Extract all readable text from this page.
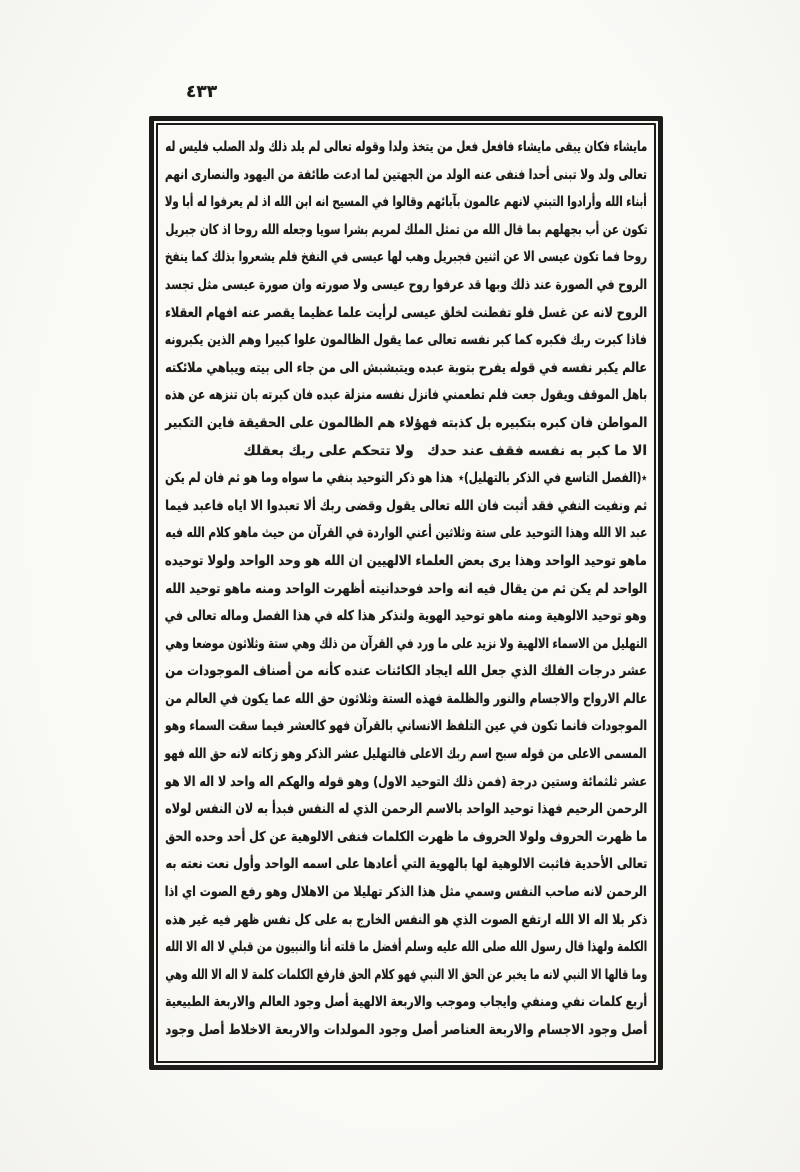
٤٣٣
مايشاء فكان يبقى مايشاء فافعل فعل من يتخذ ولدا وقوله تعالى لم يلد ذلك ولد الصلب فليس له
تعالى ولد ولا تبنى أحدا فنفى عنه الولد من الجهتين لما ادعت طائفة من اليهود والنصارى انهم
أبناء الله وأرادوا التبني لانهم عالمون بآبائهم وقالوا في المسيح انه ابن الله اذ لم يعرفوا له أبا ولا
تكون عن أب بجهلهم بما قال الله من تمثل الملك لمريم بشرا سويا وجعله الله روحا اذ كان جبريل
روحا فما تكون عيسى الا عن اثنين فجبريل وهب لها عيسى في النفخ فلم يشعروا بذلك كما ينفخ
الروح في الصورة عند ذلك وبها قد عرفوا روح عيسى ولا صورته وان صورة عيسى مثل تجسد
الروح لانه عن غسل فلو تفطنت لخلق عيسى لرأيت علما عظيما يقصر عنه افهام العقلاء
فاذا كبرت ربك فكبره كما كبر نفسه تعالى عما يقول الظالمون علوا كبيرا وهم الذين يكبرونه
عالم يكبر نفسه في قوله يفرح بتوبة عبده ويتبشبش الى من جاء الى بيته ويباهي ملائكته
باهل الموقف ويقول جعت فلم تطعمني فانزل نفسه منزلة عبده فان كبرته بان تنزهه عن هذه
المواطن فان كبره بتكبيره بل كذبته فهؤلاء هم الظالمون على الحقيقة فاين التكبير
الا ما كبر به نفسه فقف عند حدك ولا تتحكم على ربك بعقلك
٭(الفصل التاسع في الذكر بالتهليل)٭ هذا هو ذكر التوحيد بنفي ما سواه وما هو ثم فان لم يكن
ثم ونفيت النفي فقد أثبت فان الله تعالى يقول وقضى ربك ألا تعبدوا الا اياه فاعبد فيما
عبد الا الله وهذا التوحيد على ستة وثلاثين أعني الواردة في القرآن من حيث ماهو كلام الله فيه
ماهو توحيد الواحد وهذا يرى بعض العلماء الالهيين ان الله هو وحد الواحد ولولا توحيده
الواحد لم يكن ثم من يقال فيه انه واحد فوحدانيته أظهرت الواحد ومنه ماهو توحيد الله
وهو توحيد الالوهية ومنه ماهو توحيد الهوية ولنذكر هذا كله في هذا الفصل وماله تعالى في
التهليل من الاسماء الالهية ولا نزيد على ما ورد في القرآن من ذلك وهي ستة وثلاثون موضعا وهي
عشر درجات الفلك الذي جعل الله ايجاد الكائنات عنده كأنه من أصناف الموجودات من
عالم الارواح والاجسام والنور والظلمة فهذه الستة وثلاثون حق الله عما يكون في العالم من
الموجودات فانما تكون في عين التلفظ الانساني بالقرآن فهو كالعشر فيما سقت السماء وهو
المسمى الاعلى من قوله سبح اسم ربك الاعلى فالتهليل عشر الذكر وهو زكاته لانه حق الله فهو
عشر ثلثمائة وستين درجة (فمن ذلك التوحيد الاول) وهو قوله والهكم اله واحد لا اله الا هو
الرحمن الرحيم فهذا توحيد الواحد بالاسم الرحمن الذي له النفس فبدأ به لان النفس لولاه
ما ظهرت الحروف ولولا الحروف ما ظهرت الكلمات فنفى الالوهية عن كل أحد وحده الحق
تعالى الأحدية فاثبت الالوهية لها بالهوية التي أعادها على اسمه الواحد وأول نعت نعته به
الرحمن لانه صاحب النفس وسمي مثل هذا الذكر تهليلا من الاهلال وهو رفع الصوت اي اذا
ذكر بلا اله الا الله ارتفع الصوت الذي هو النفس الخارج به على كل نفس ظهر فيه غير هذه
الكلمة ولهذا قال رسول الله صلى الله عليه وسلم أفضل ما قلته أنا والنبيون من قبلي لا اله الا الله
وما قالها الا النبي لانه ما يخبر عن الحق الا النبي فهو كلام الحق فارفع الكلمات كلمة لا اله الا الله وهي
أربع كلمات نفي ومنفي وايجاب وموجب والاربعة الالهية أصل وجود العالم والاربعة الطبيعية
أصل وجود الاجسام والاربعة العناصر أصل وجود المولدات والاربعة الاخلاط أصل وجود
